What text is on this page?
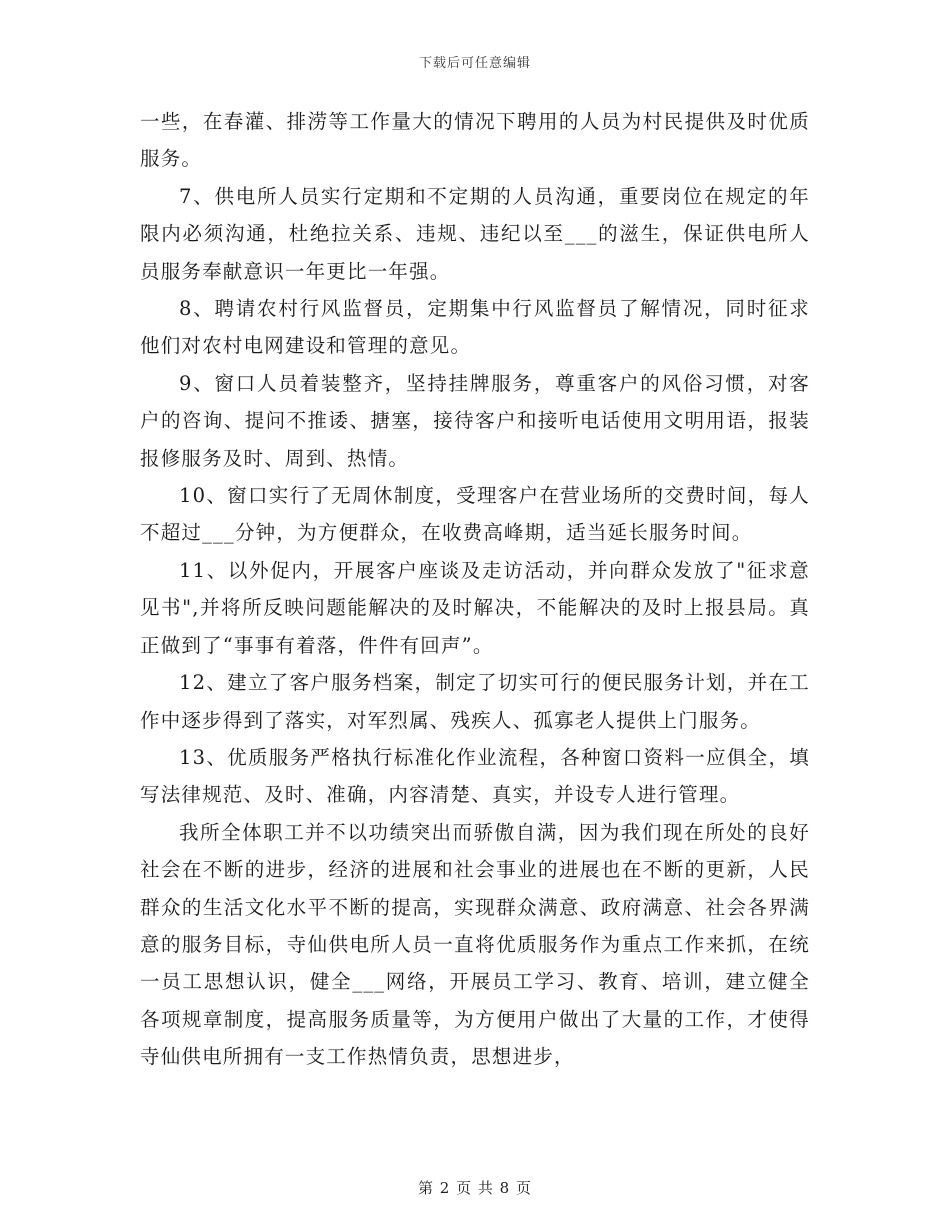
下载后可任意编辑

一些，在春灌、排涝等工作量大的情况下聘用的人员为村民提供及时优质服务。

7、供电所人员实行定期和不定期的人员沟通，重要岗位在规定的年限内必须沟通，杜绝拉关系、违规、违纪以至___的滋生，保证供电所人员服务奉献意识一年更比一年强。

8、聘请农村行风监督员，定期集中行风监督员了解情况，同时征求他们对农村电网建设和管理的意见。

9、窗口人员着装整齐，坚持挂牌服务，尊重客户的风俗习惯，对客户的咨询、提问不推诿、搪塞，接待客户和接听电话使用文明用语，报装报修服务及时、周到、热情。

10、窗口实行了无周休制度，受理客户在营业场所的交费时间，每人不超过___分钟，为方便群众，在收费高峰期，适当延长服务时间。

11、以外促内，开展客户座谈及走访活动，并向群众发放了"征求意见书",并将所反映问题能解决的及时解决，不能解决的及时上报县局。真正做到了“事事有着落，件件有回声”。

12、建立了客户服务档案，制定了切实可行的便民服务计划，并在工作中逐步得到了落实，对军烈属、残疾人、孤寡老人提供上门服务。

13、优质服务严格执行标准化作业流程，各种窗口资料一应俱全，填写法律规范、及时、准确，内容清楚、真实，并设专人进行管理。

我所全体职工并不以功绩突出而骄傲自满，因为我们现在所处的良好社会在不断的进步，经济的进展和社会事业的进展也在不断的更新，人民群众的生活文化水平不断的提高，实现群众满意、政府满意、社会各界满意的服务目标，寺仙供电所人员一直将优质服务作为重点工作来抓，在统一员工思想认识，健全___网络，开展员工学习、教育、培训，建立健全各项规章制度，提高服务质量等，为方便用户做出了大量的工作，才使得寺仙供电所拥有一支工作热情负责，思想进步，

第 2 页 共 8 页
